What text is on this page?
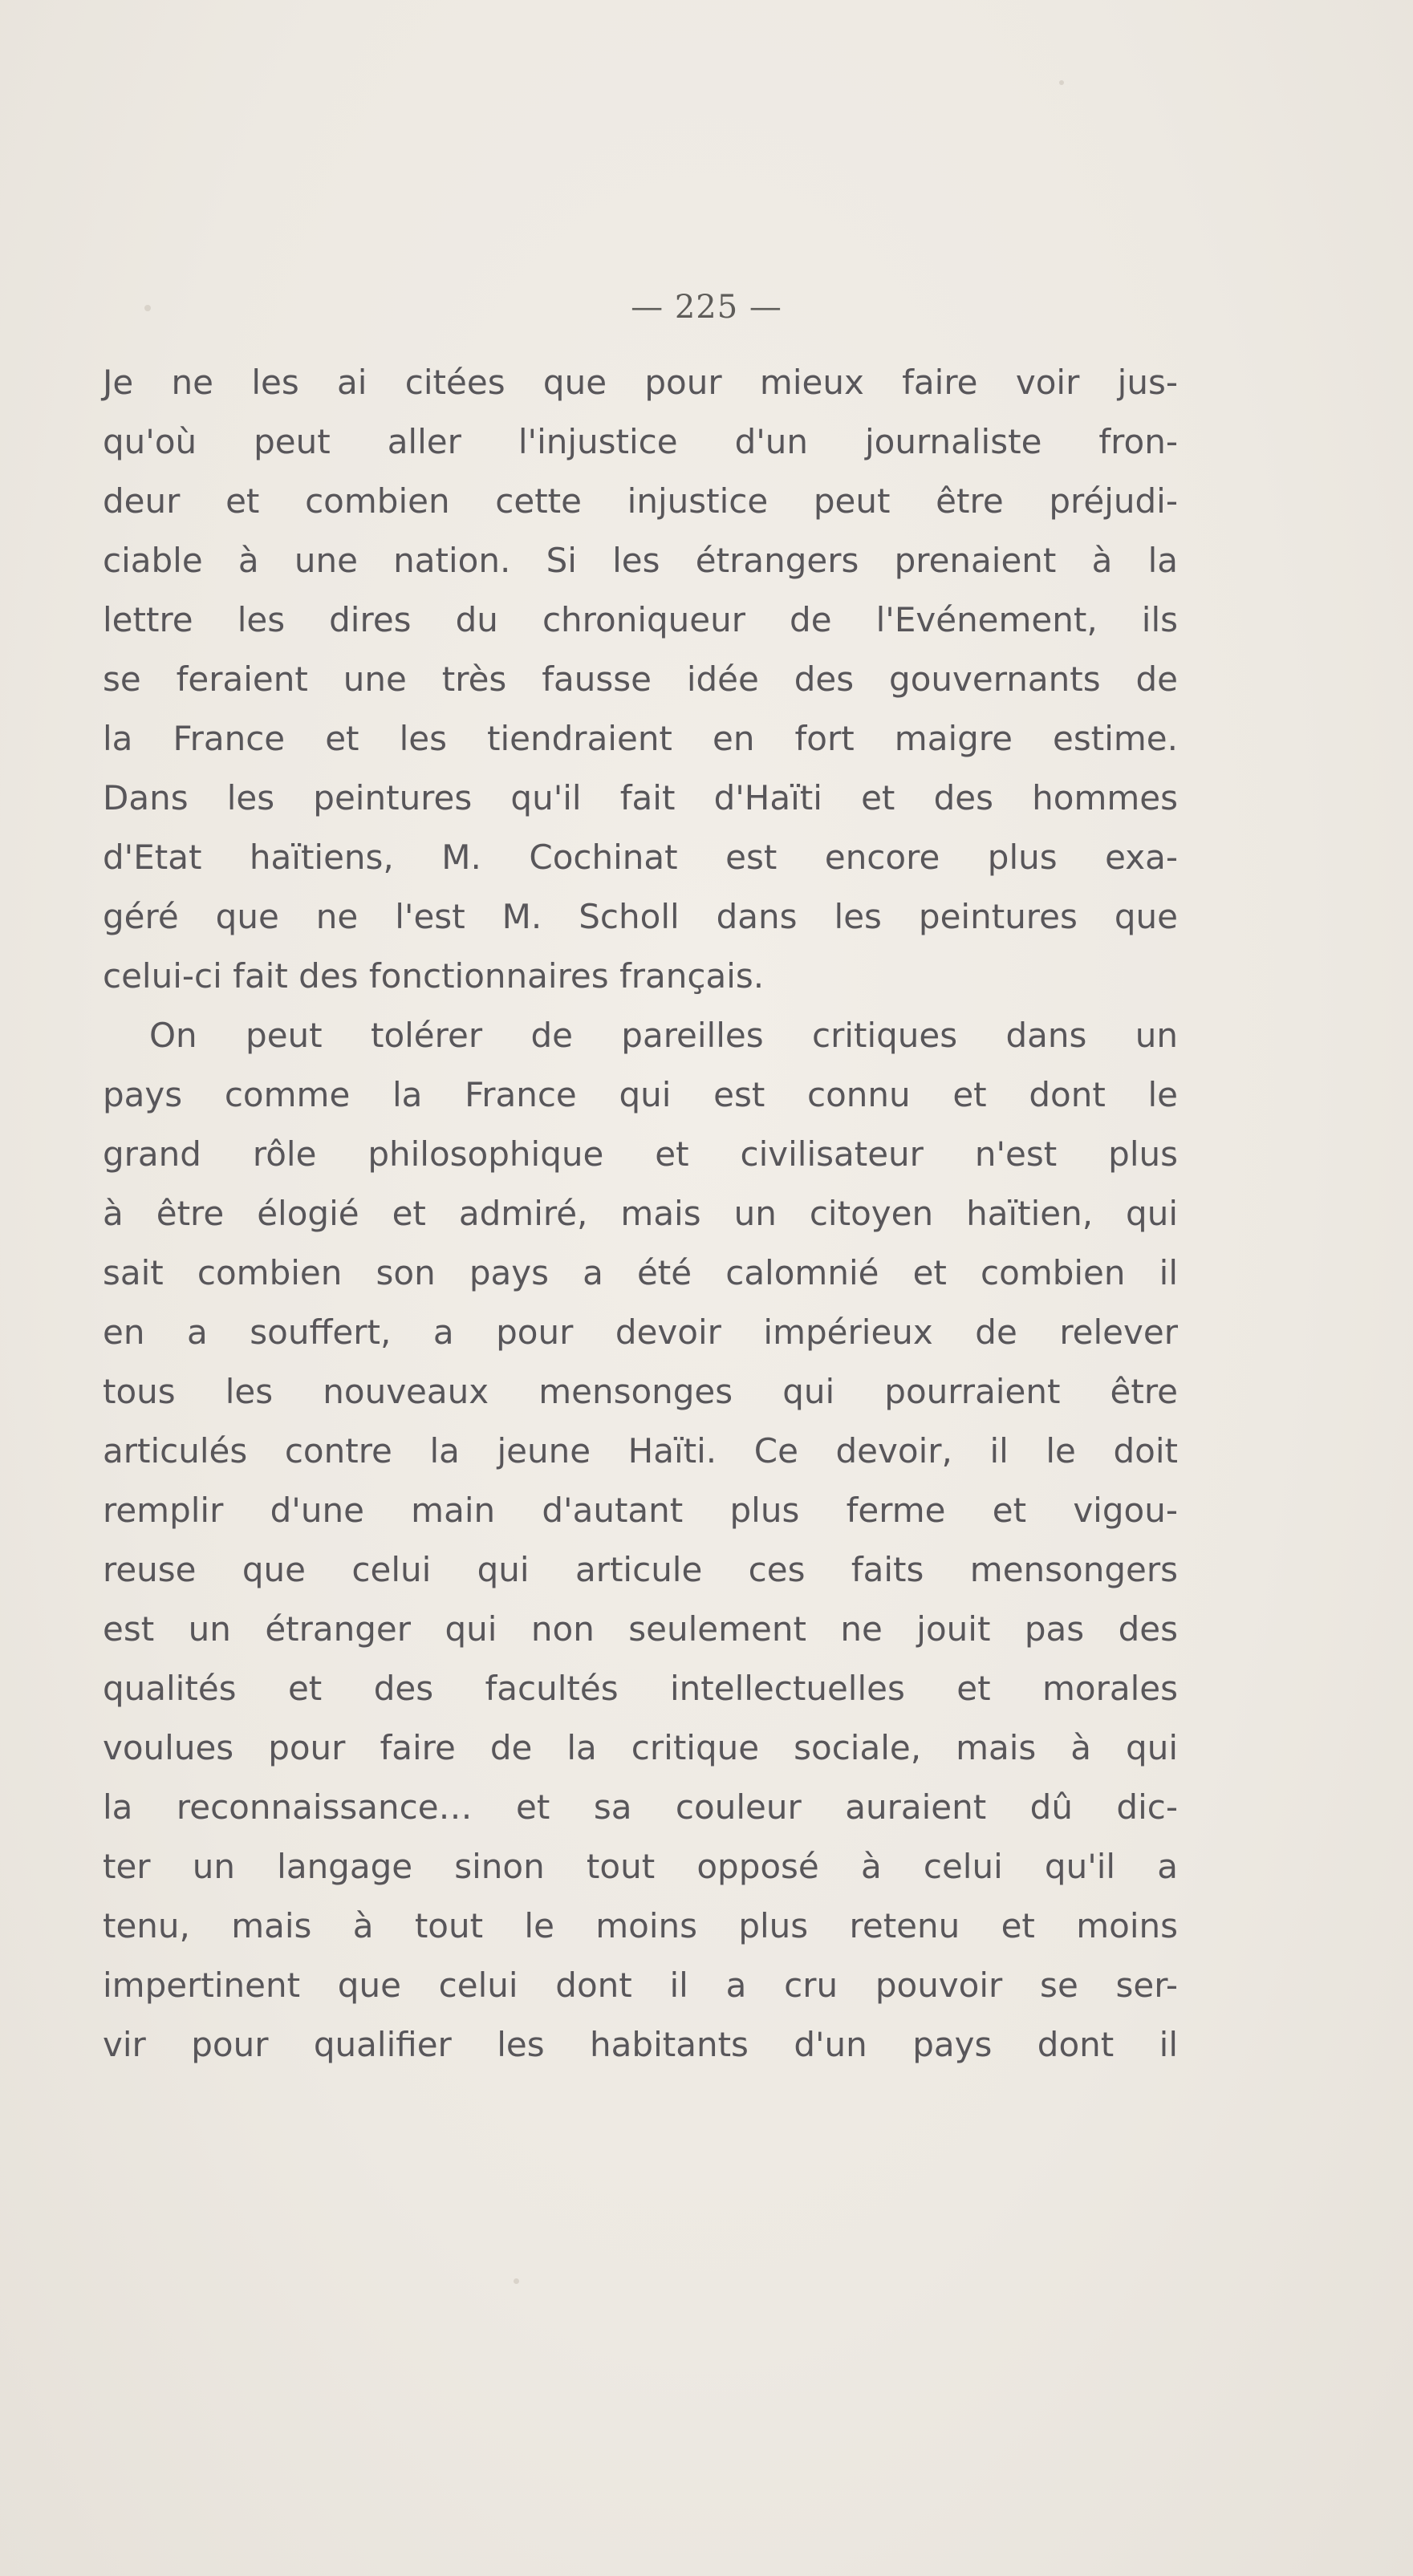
— 225 —
Je ne les ai citées que pour mieux faire voir jus-
qu'où peut aller l'injustice d'un journaliste fron-
deur et combien cette injustice peut être préjudi-
ciable à une nation. Si les étrangers prenaient à la
lettre les dires du chroniqueur de l'Evénement, ils
se feraient une très fausse idée des gouvernants de
la France et les tiendraient en fort maigre estime.
Dans les peintures qu'il fait d'Haïti et des hommes
d'Etat haïtiens, M. Cochinat est encore plus exa-
géré que ne l'est M. Scholl dans les peintures que
celui-ci fait des fonctionnaires français.
On peut tolérer de pareilles critiques dans un
pays comme la France qui est connu et dont le
grand rôle philosophique et civilisateur n'est plus
à être élogié et admiré, mais un citoyen haïtien, qui
sait combien son pays a été calomnié et combien il
en a souffert, a pour devoir impérieux de relever
tous les nouveaux mensonges qui pourraient être
articulés contre la jeune Haïti. Ce devoir, il le doit
remplir d'une main d'autant plus ferme et vigou-
reuse que celui qui articule ces faits mensongers
est un étranger qui non seulement ne jouit pas des
qualités et des facultés intellectuelles et morales
voulues pour faire de la critique sociale, mais à qui
la reconnaissance… et sa couleur auraient dû dic-
ter un langage sinon tout opposé à celui qu'il a
tenu, mais à tout le moins plus retenu et moins
impertinent que celui dont il a cru pouvoir se ser-
vir pour qualifier les habitants d'un pays dont il
